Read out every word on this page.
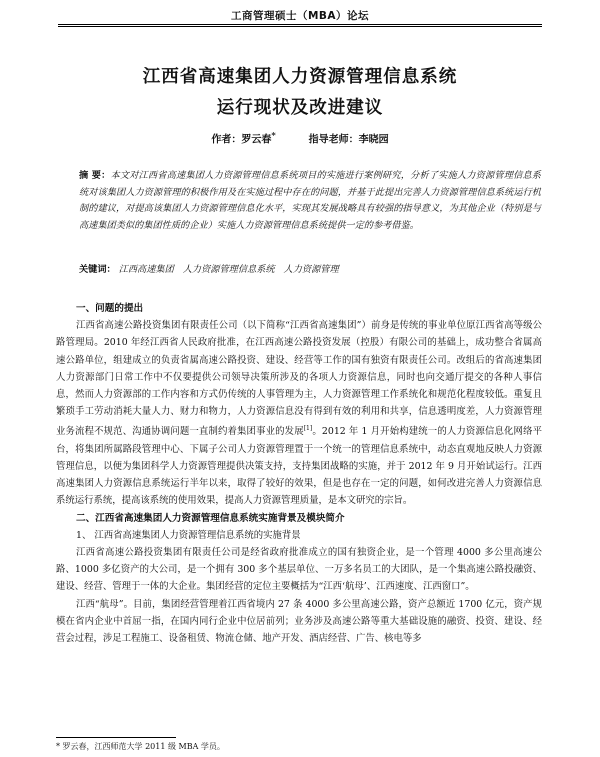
工商管理硕士（MBA）论坛
江西省高速集团人力资源管理信息系统
运行现状及改进建议
作者：罗云春*	指导老师：李晓园
摘 要：本文对江西省高速集团人力资源管理信息系统项目的实施进行案例研究，分析了实施人力资源管理信息系统对该集团人力资源管理的积极作用及在实施过程中存在的问题，并基于此提出完善人力资源管理信息系统运行机制的建议，对提高该集团人力资源管理信息化水平，实现其发展战略具有较强的指导意义，为其他企业（特别是与高速集团类似的集团性质的企业）实施人力资源管理信息系统提供一定的参考借鉴。
关键词： 江西高速集团 人力资源管理信息系统 人力资源管理

一、问题的提出

江西省高速公路投资集团有限责任公司（以下简称“江西省高速集团”）前身是传统的事业单位原江西省高等级公路管理局。2010 年经江西省人民政府批准，在江西高速公路投资发展（控股）有限公司的基础上，成功整合省属高速公路单位，组建成立的负责省属高速公路投资、建设、经营等工作的国有独资有限责任公司。改组后的省高速集团人力资源部门日常工作中不仅要提供公司领导决策所涉及的各项人力资源信息，同时也向交通厅提交的各种人事信息，然而人力资源部的工作内容和方式仍传统的人事管理为主，人力资源管理工作系统化和规范化程度较低。重复且繁琐手工劳动消耗大量人力、财力和物力，人力资源信息没有得到有效的利用和共享，信息透明度差，人力资源管理业务流程不规范、沟通协调问题一直制约着集团事业的发展[1]。2012 年 1 月开始构建统一的人力资源信息化网络平台，将集团所属路段管理中心、下属子公司人力资源管理置于一个统一的管理信息系统中，动态直观地反映人力资源管理信息，以便为集团科学人力资源管理提供决策支持，支持集团战略的实施，并于 2012 年 9 月开始试运行。江西高速集团人力资源信息系统运行半年以来，取得了较好的效果，但是也存在一定的问题，如何改进完善人力资源信息系统运行系统，提高该系统的使用效果，提高人力资源管理质量，是本文研究的宗旨。

二、江西省高速集团人力资源管理信息系统实施背景及模块简介

1、 江西省高速集团人力资源管理信息系统的实施背景

江西省高速公路投资集团有限责任公司是经省政府批准成立的国有独资企业，是一个管理 4000 多公里高速公路、1000 多亿资产的大公司，是一个拥有 300 多个基层单位、一万多名员工的大团队，是一个集高速公路投融资、建设、经营、管理于一体的大企业。集团经营的定位主要概括为“江西‘航母’、江西速度、江西窗口”。

江西“航母”。目前，集团经营管理着江西省境内 27 条 4000 多公里高速公路，资产总额近 1700 亿元，资产规模在省内企业中首屈一指，在国内同行企业中位居前列；业务涉及高速公路等重大基础设施的融资、投资、建设、经营会过程，涉足工程施工、设备租赁、物流仓储、地产开发、酒店经营、广告、核电等多

* 罗云春，江西师范大学 2011 级 MBA 学员。
